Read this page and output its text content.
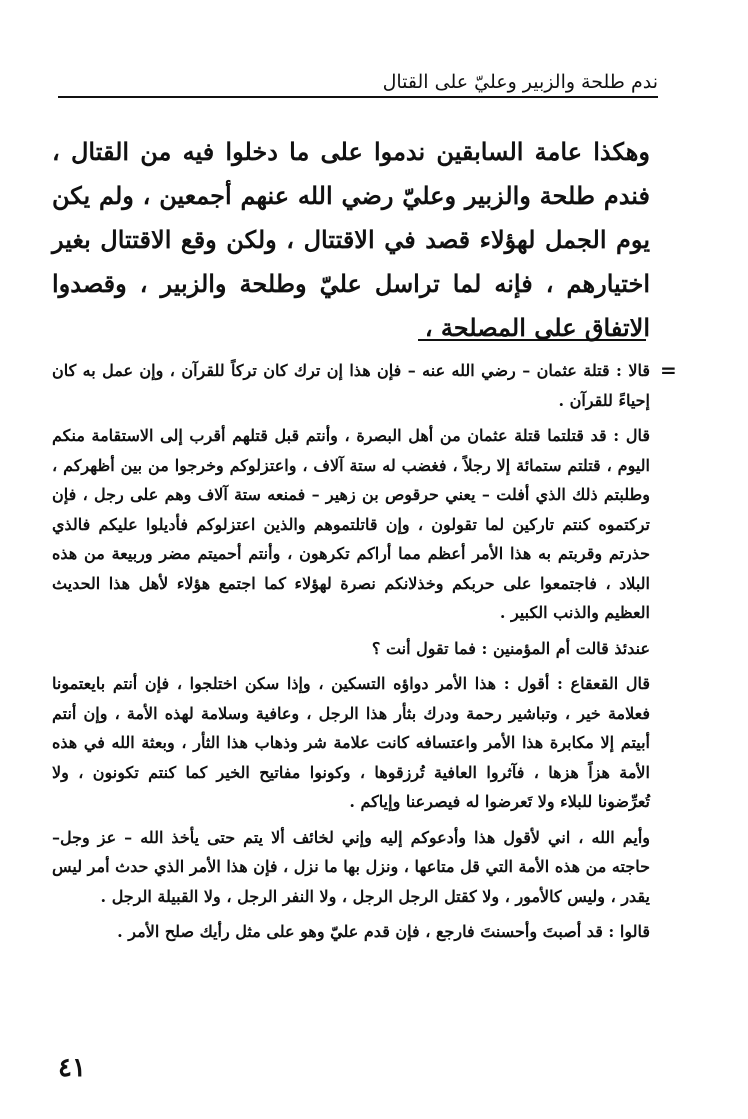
ندم طلحة والزبير وعليّ على القتال

وهكذا عامة السابقين ندموا على ما دخلوا فيه من القتال ، فندم طلحة والزبير وعليّ رضي الله عنهم أجمعين ، ولم يكن يوم الجمل لهؤلاء قصد في الاقتتال ، ولكن وقع الاقتتال بغير اختيارهم ، فإنه لما تراسل عليّ وطلحة والزبير ، وقصدوا الاتفاق على المصلحة ،

=

قالا : قتلة عثمان – رضي الله عنه – فإن هذا إن ترك كان تركاً للقرآن ، وإن عمل به كان إحياءً للقرآن .

قال : قد قتلتما قتلة عثمان من أهل البصرة ، وأنتم قبل قتلهم أقرب إلى الاستقامة منكم اليوم ، قتلتم ستمائة إلا رجلاً ، فغضب له ستة آلاف ، واعتزلوكم وخرجوا من بين أظهركم ، وطلبتم ذلك الذي أفلت – يعني حرقوص بن زهير – فمنعه ستة آلاف وهم على رجل ، فإن تركتموه كنتم تاركين لما تقولون ، وإن قاتلتموهم والذين اعتزلوكم فأديلوا عليكم فالذي حذرتم وقربتم به هذا الأمر أعظم مما أراكم تكرهون ، وأنتم أحميتم مضر وربيعة من هذه البلاد ، فاجتمعوا على حربكم وخذلانكم نصرة لهؤلاء كما اجتمع هؤلاء لأهل هذا الحديث العظيم والذنب الكبير .

عندئذ قالت أم المؤمنين : فما تقول أنت ؟

قال القعقاع : أقول : هذا الأمر دواؤه التسكين ، وإذا سكن اختلجوا ، فإن أنتم بايعتمونا فعلامة خير ، وتباشير رحمة ودرك بثأر هذا الرجل ، وعافية وسلامة لهذه الأمة ، وإن أنتم أبيتم إلا مكابرة هذا الأمر واعتسافه كانت علامة شر وذهاب هذا الثأر ، وبعثة الله في هذه الأمة هزاً هزها ، فآثروا العافية تُرزقوها ، وكونوا مفاتيح الخير كما كنتم تكونون ، ولا تُعرِّضونا للبلاء ولا تَعرضوا له فيصرعنا وإياكم .

وأيم الله ، اني لأقول هذا وأدعوكم إليه وإني لخائف ألا يتم حتى يأخذ الله – عز وجل– حاجته من هذه الأمة التي قل متاعها ، ونزل بها ما نزل ، فإن هذا الأمر الذي حدث أمر ليس يقدر ، وليس كالأمور ، ولا كقتل الرجل الرجل ، ولا النفر الرجل ، ولا القبيلة الرجل .

قالوا : قد أصبتَ وأحسنتَ فارجع ، فإن قدم عليّ وهو على مثل رأيك صلح الأمر .

٤١
